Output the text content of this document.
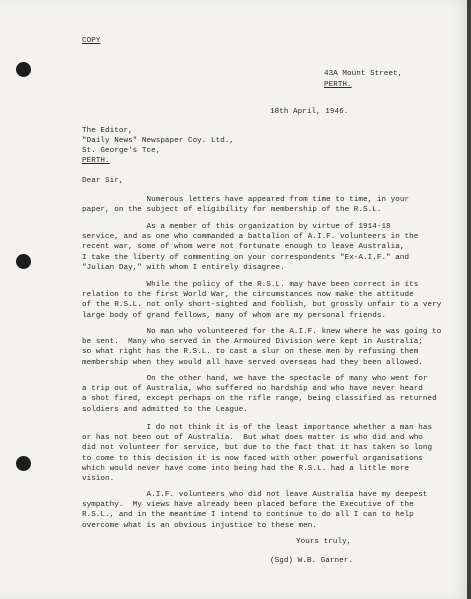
COPY

43A Mount Street,

PERTH.

18th April, 1946.

The Editor,

"Daily News" Newspaper Coy. Ltd.,

St. George's Tce,

PERTH.

Dear Sir,

Numerous letters have appeared from time to time, in your

paper, on the subject of eligibility for membership of the R.S.L.

As a member of this organization by virtue of 1914-18

service, and as one who commanded a battalion of A.I.F. volunteers in the

recent war, some of whom were not fortunate enough to leave Australia,

I take the liberty of commenting on your correspondents "Ex-A.I.F." and

"Julian Day," with whom I entirely disagree.

While the policy of the R.S.L. may have been correct in its

relation to the first World War, the circumstances now make the attitude

of the R.S.L. not only short-sighted and foolish, but grossly unfair to a very

large body of grand fellows, many of whom are my personal friends.

No man who volunteered for the A.I.F. knew where he was going to

be sent.  Many who served in the Armoured Division were kept in Australia;

so what right has the R.S.L. to cast a slur on these men by refusing them

membership when they would all have served overseas had they been allowed.

On the other hand, we have the spectacle of many who went for

a trip out of Australia, who suffered no hardship and who have never heard

a shot fired, except perhaps on the rifle range, being classified as returned

soldiers and admitted to the League.

I do not think it is of the least importance whether a man has

or has not been out of Australia.  But what does matter is who did and who

did not volunteer for service, but due to the fact that it has taken so long

to come to this decision it is now faced with other powerful organisations

which would never have come into being had the R.S.L. had a little more

vision.

A.I.F. volunteers who did not leave Australia have my deepest

sympathy.  My views have already been placed before the Executive of the

R.S.L., and in the meantime I intend to continue to do all I can to help

overcome what is an obvious injustice to these men.

Yours truly,

(Sgd) W.B. Garner.
